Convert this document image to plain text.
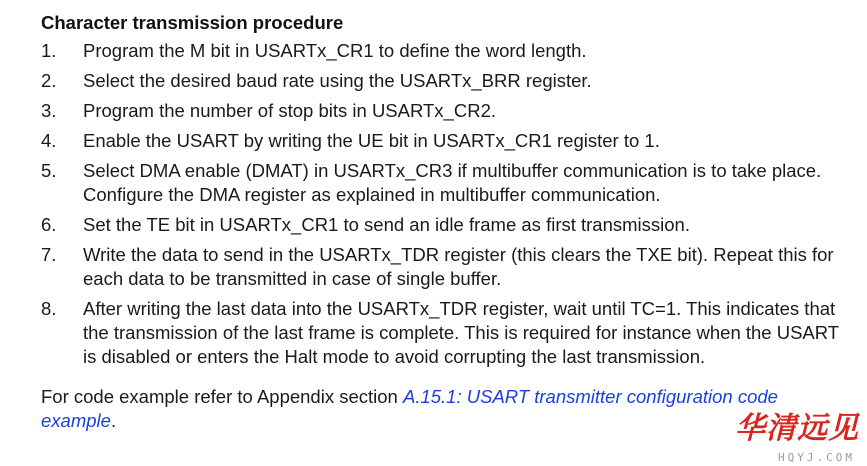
Character transmission procedure
1.	Program the M bit in USARTx_CR1 to define the word length.
2.	Select the desired baud rate using the USARTx_BRR register.
3.	Program the number of stop bits in USARTx_CR2.
4.	Enable the USART by writing the UE bit in USARTx_CR1 register to 1.
5.	Select DMA enable (DMAT) in USARTx_CR3 if multibuffer communication is to take place. Configure the DMA register as explained in multibuffer communication.
6.	Set the TE bit in USARTx_CR1 to send an idle frame as first transmission.
7.	Write the data to send in the USARTx_TDR register (this clears the TXE bit). Repeat this for each data to be transmitted in case of single buffer.
8.	After writing the last data into the USARTx_TDR register, wait until TC=1. This indicates that the transmission of the last frame is complete. This is required for instance when the USART is disabled or enters the Halt mode to avoid corrupting the last transmission.
For code example refer to Appendix section A.15.1: USART transmitter configuration code example.	华清远见
HQYJ.COM
